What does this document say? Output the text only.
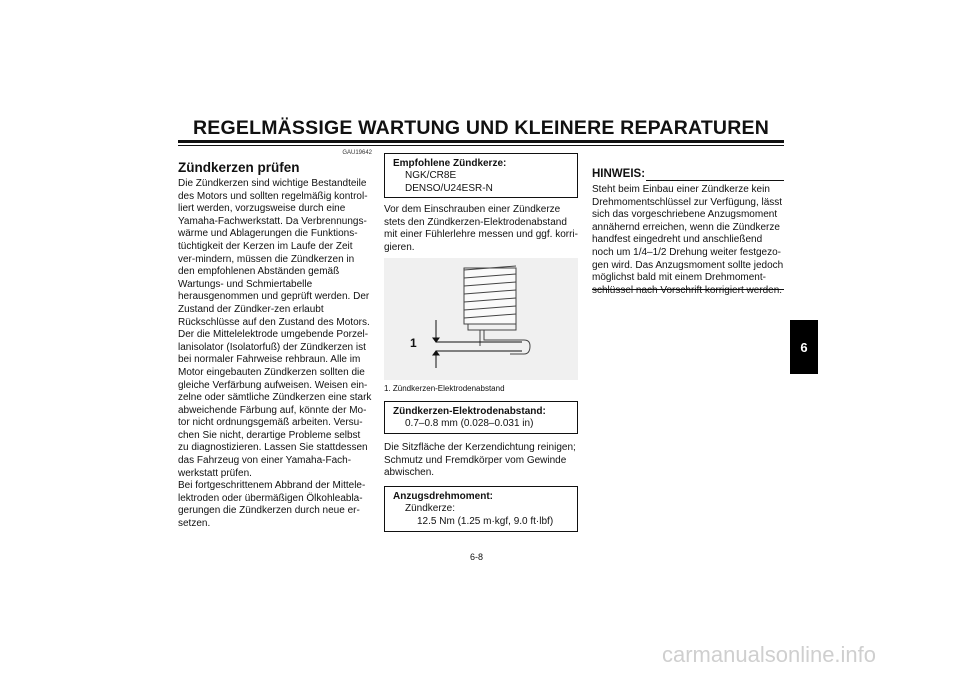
REGELMÄSSIGE WARTUNG UND KLEINERE REPARATUREN
GAU19642
Zündkerzen prüfen

Die Zündkerzen sind wichtige Bestandteile des Motors und sollten regelmäßig kontrol-liert werden, vorzugsweise durch eine Yamaha-Fachwerkstatt. Da Verbrennungs-wärme und Ablagerungen die Funktions-tüchtigkeit der Kerzen im Laufe der Zeit ver-mindern, müssen die Zündkerzen in den empfohlenen Abständen gemäß Wartungs- und Schmiertabelle herausgenommen und geprüft werden. Der Zustand der Zündker-zen erlaubt Rückschlüsse auf den Zustand des Motors.

Der die Mittelelektrode umgebende Porzel-lanisolator (Isolatorfuß) der Zündkerzen ist bei normaler Fahrweise rehbraun. Alle im Motor eingebauten Zündkerzen sollten die gleiche Verfärbung aufweisen. Weisen ein-zelne oder sämtliche Zündkerzen eine stark abweichende Färbung auf, könnte der Mo-tor nicht ordnungsgemäß arbeiten. Versu-chen Sie nicht, derartige Probleme selbst zu diagnostizieren. Lassen Sie stattdessen das Fahrzeug von einer Yamaha-Fach-werkstatt prüfen.

Bei fortgeschrittenem Abbrand der Mittele-lektroden oder übermäßigen Ölkohleabla-gerungen die Zündkerzen durch neue er-setzen.

Empfohlene Zündkerze:
NGK/CR8E
DENSO/U24ESR-N

Vor dem Einschrauben einer Zündkerze stets den Zündkerzen-Elektrodenabstand mit einer Fühlerlehre messen und ggf. korri-gieren.

1
1. Zündkerzen-Elektrodenabstand
Zündkerzen-Elektrodenabstand:
0.7–0.8 mm (0.028–0.031 in)

Die Sitzfläche der Kerzendichtung reinigen; Schmutz und Fremdkörper vom Gewinde abwischen.

Anzugsdrehmoment:
Zündkerze:
12.5 Nm (1.25 m·kgf, 9.0 ft·lbf)
HINWEIS:

Steht beim Einbau einer Zündkerze kein Drehmomentschlüssel zur Verfügung, lässt sich das vorgeschriebene Anzugsmoment annähernd erreichen, wenn die Zündkerze handfest eingedreht und anschließend noch um 1/4–1/2 Drehung weiter festgezo-gen wird. Das Anzugsmoment sollte jedoch möglichst bald mit einem Drehmoment-schlüssel nach Vorschrift korrigiert werden.

6
6-8
carmanualsonline.info
